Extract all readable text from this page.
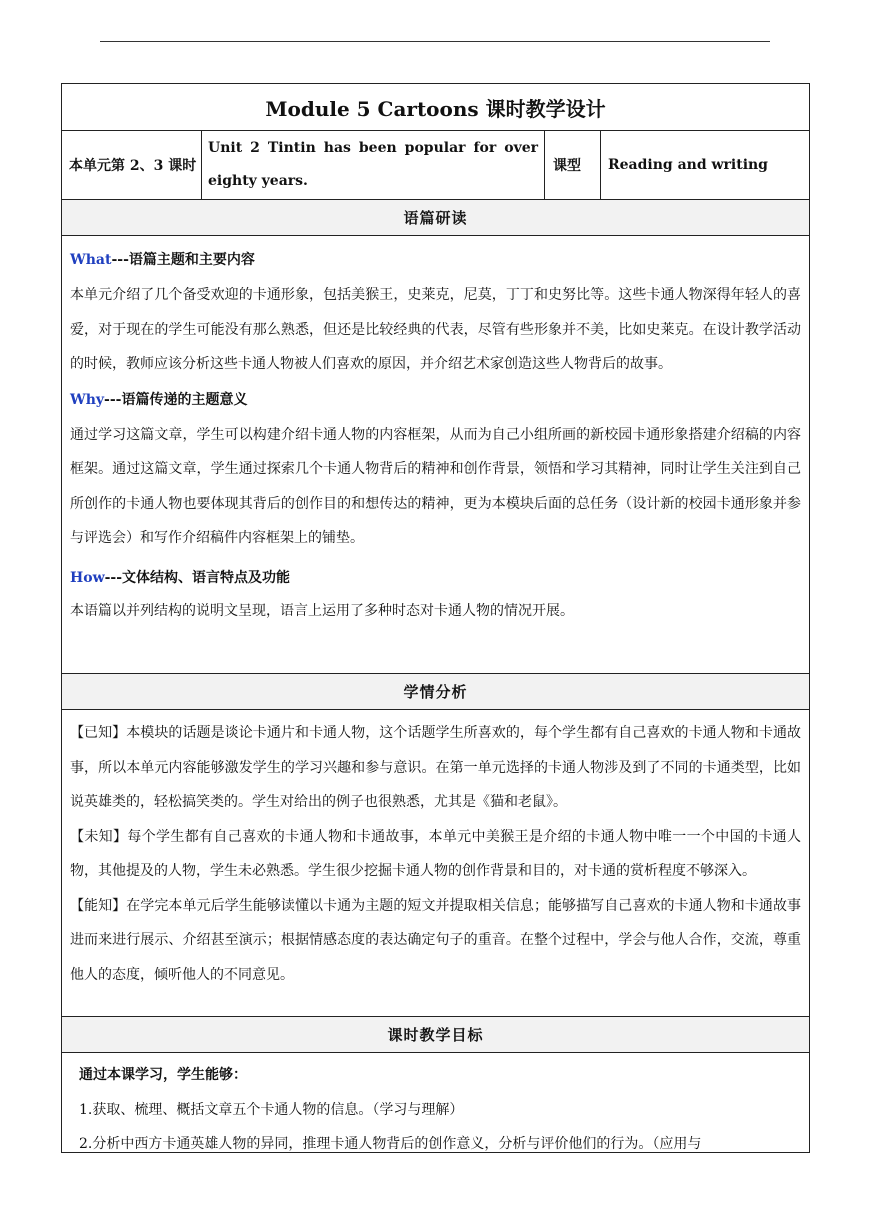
Module 5 Cartoons 课时教学设计
本单元第 2、3 课时
Unit 2 Tintin has been popular for over eighty years.
课型	Reading and writing
语篇研读
What---语篇主题和主要内容

本单元介绍了几个备受欢迎的卡通形象，包括美猴王，史莱克，尼莫，丁丁和史努比等。这些卡通人物深得年轻人的喜爱，对于现在的学生可能没有那么熟悉，但还是比较经典的代表，尽管有些形象并不美，比如史莱克。在设计教学活动的时候，教师应该分析这些卡通人物被人们喜欢的原因，并介绍艺术家创造这些人物背后的故事。

Why---语篇传递的主题意义

通过学习这篇文章，学生可以构建介绍卡通人物的内容框架，从而为自己小组所画的新校园卡通形象搭建介绍稿的内容框架。通过这篇文章，学生通过探索几个卡通人物背后的精神和创作背景，领悟和学习其精神，同时让学生关注到自己所创作的卡通人物也要体现其背后的创作目的和想传达的精神，更为本模块后面的总任务（设计新的校园卡通形象并参与评选会）和写作介绍稿件内容框架上的铺垫。

How---文体结构、语言特点及功能

本语篇以并列结构的说明文呈现，语言上运用了多种时态对卡通人物的情况开展。

学情分析

【已知】本模块的话题是谈论卡通片和卡通人物，这个话题学生所喜欢的，每个学生都有自己喜欢的卡通人物和卡通故事，所以本单元内容能够激发学生的学习兴趣和参与意识。在第一单元选择的卡通人物涉及到了不同的卡通类型，比如说英雄类的，轻松搞笑类的。学生对给出的例子也很熟悉，尤其是《猫和老鼠》。

【未知】每个学生都有自己喜欢的卡通人物和卡通故事，本单元中美猴王是介绍的卡通人物中唯一一个中国的卡通人物，其他提及的人物，学生未必熟悉。学生很少挖掘卡通人物的创作背景和目的，对卡通的赏析程度不够深入。

【能知】在学完本单元后学生能够读懂以卡通为主题的短文并提取相关信息；能够描写自己喜欢的卡通人物和卡通故事进而来进行展示、介绍甚至演示；根据情感态度的表达确定句子的重音。在整个过程中，学会与他人合作，交流，尊重他人的态度，倾听他人的不同意见。

课时教学目标
通过本课学习，学生能够：

1.获取、梳理、概括文章五个卡通人物的信息。（学习与理解）

2.分析中西方卡通英雄人物的异同，推理卡通人物背后的创作意义，分析与评价他们的行为。（应用与
